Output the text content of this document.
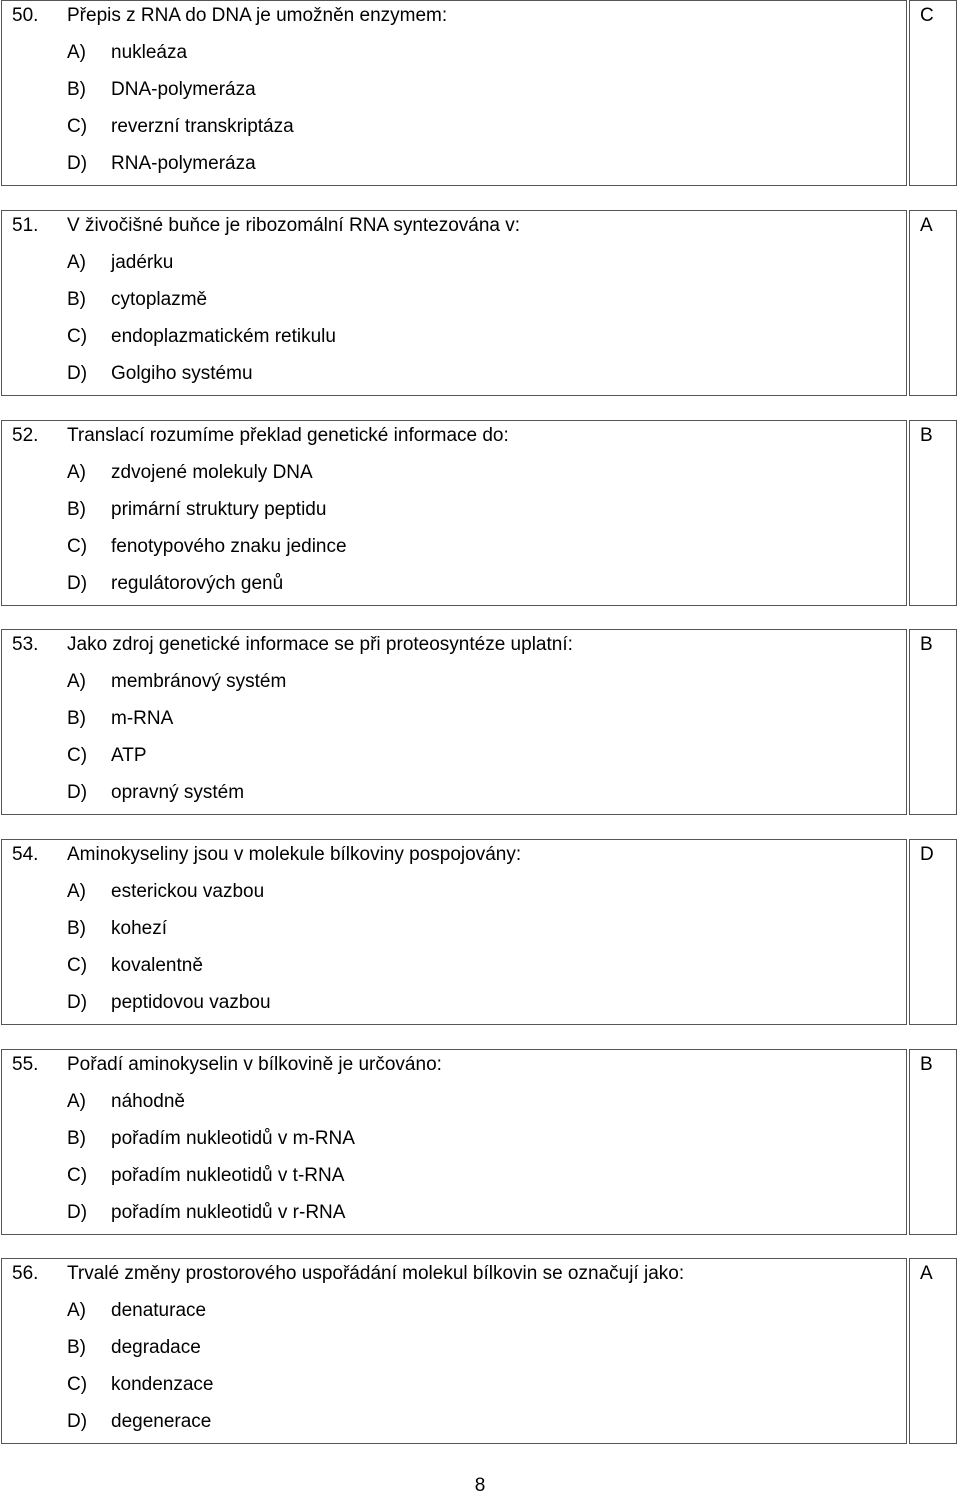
50. Přepis z RNA do DNA je umožněn enzymem:
A) nukleáza
B) DNA-polymeráza
C) reverzní transkriptáza
D) RNA-polymeráza
C
51. V živočišné buňce je ribozomální RNA syntezována v:
A) jadérku
B) cytoplazmě
C) endoplazmatickém retikulu
D) Golgiho systému
A
52. Translací rozumíme překlad genetické informace do:
A) zdvojené molekuly DNA
B) primární struktury peptidu
C) fenotypového znaku jedince
D) regulátorových genů
B
53. Jako zdroj genetické informace se při proteosyntéze uplatní:
A) membránový systém
B) m-RNA
C) ATP
D) opravný systém
B
54. Aminokyseliny jsou v molekule bílkoviny pospojovány:
A) esterickou vazbou
B) kohezí
C) kovalentně
D) peptidovou vazbou
D
55. Pořadí aminokyselin v bílkovině je určováno:
A) náhodně
B) pořadím nukleotidů v m-RNA
C) pořadím nukleotidů v t-RNA
D) pořadím nukleotidů v r-RNA
B
56. Trvalé změny prostorového uspořádání molekul bílkovin se označují jako:
A) denaturace
B) degradace
C) kondenzace
D) degenerace
A
8
